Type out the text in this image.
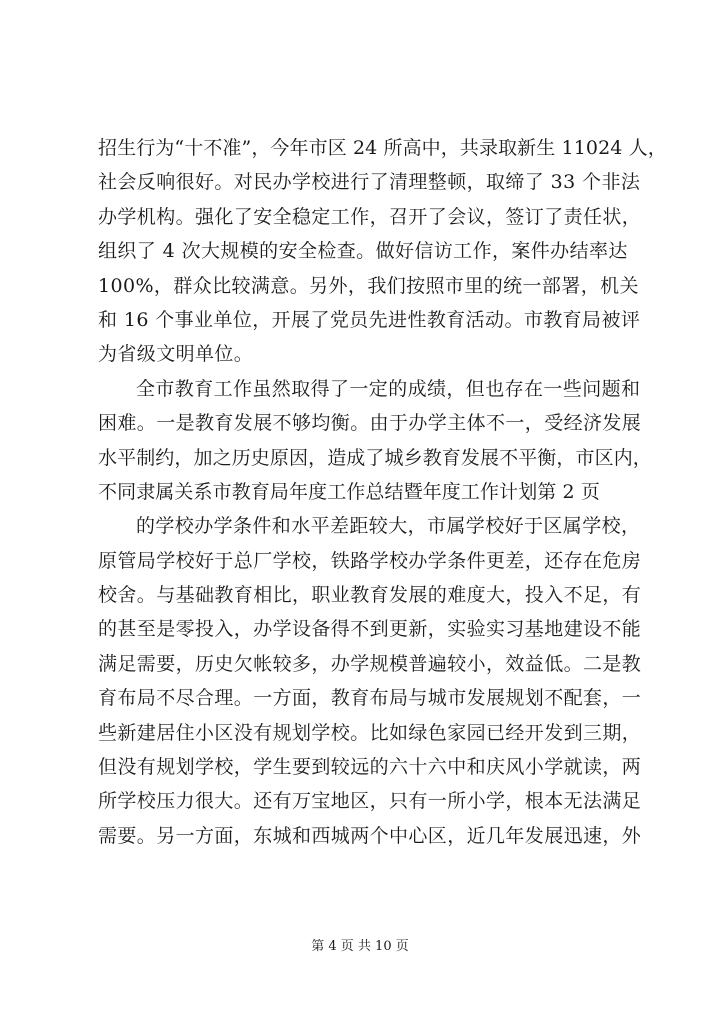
招生行为“十不准”，今年市区 24 所高中，共录取新生 11024 人，
社会反响很好。对民办学校进行了清理整顿，取缔了 33 个非法
办学机构。强化了安全稳定工作，召开了会议，签订了责任状，
组织了 4 次大规模的安全检查。做好信访工作，案件办结率达
100%，群众比较满意。另外，我们按照市里的统一部署，机关
和 16 个事业单位，开展了党员先进性教育活动。市教育局被评
为省级文明单位。
全市教育工作虽然取得了一定的成绩，但也存在一些问题和
困难。一是教育发展不够均衡。由于办学主体不一，受经济发展
水平制约，加之历史原因，造成了城乡教育发展不平衡，市区内，
不同隶属关系市教育局年度工作总结暨年度工作计划第 2 页
的学校办学条件和水平差距较大，市属学校好于区属学校，
原管局学校好于总厂学校，铁路学校办学条件更差，还存在危房
校舍。与基础教育相比，职业教育发展的难度大，投入不足，有
的甚至是零投入，办学设备得不到更新，实验实习基地建设不能
满足需要，历史欠帐较多，办学规模普遍较小，效益低。二是教
育布局不尽合理。一方面，教育布局与城市发展规划不配套，一
些新建居住小区没有规划学校。比如绿色家园已经开发到三期，
但没有规划学校，学生要到较远的六十六中和庆风小学就读，两
所学校压力很大。还有万宝地区，只有一所小学，根本无法满足
需要。另一方面，东城和西城两个中心区，近几年发展迅速，外
第 4 页 共 10 页
